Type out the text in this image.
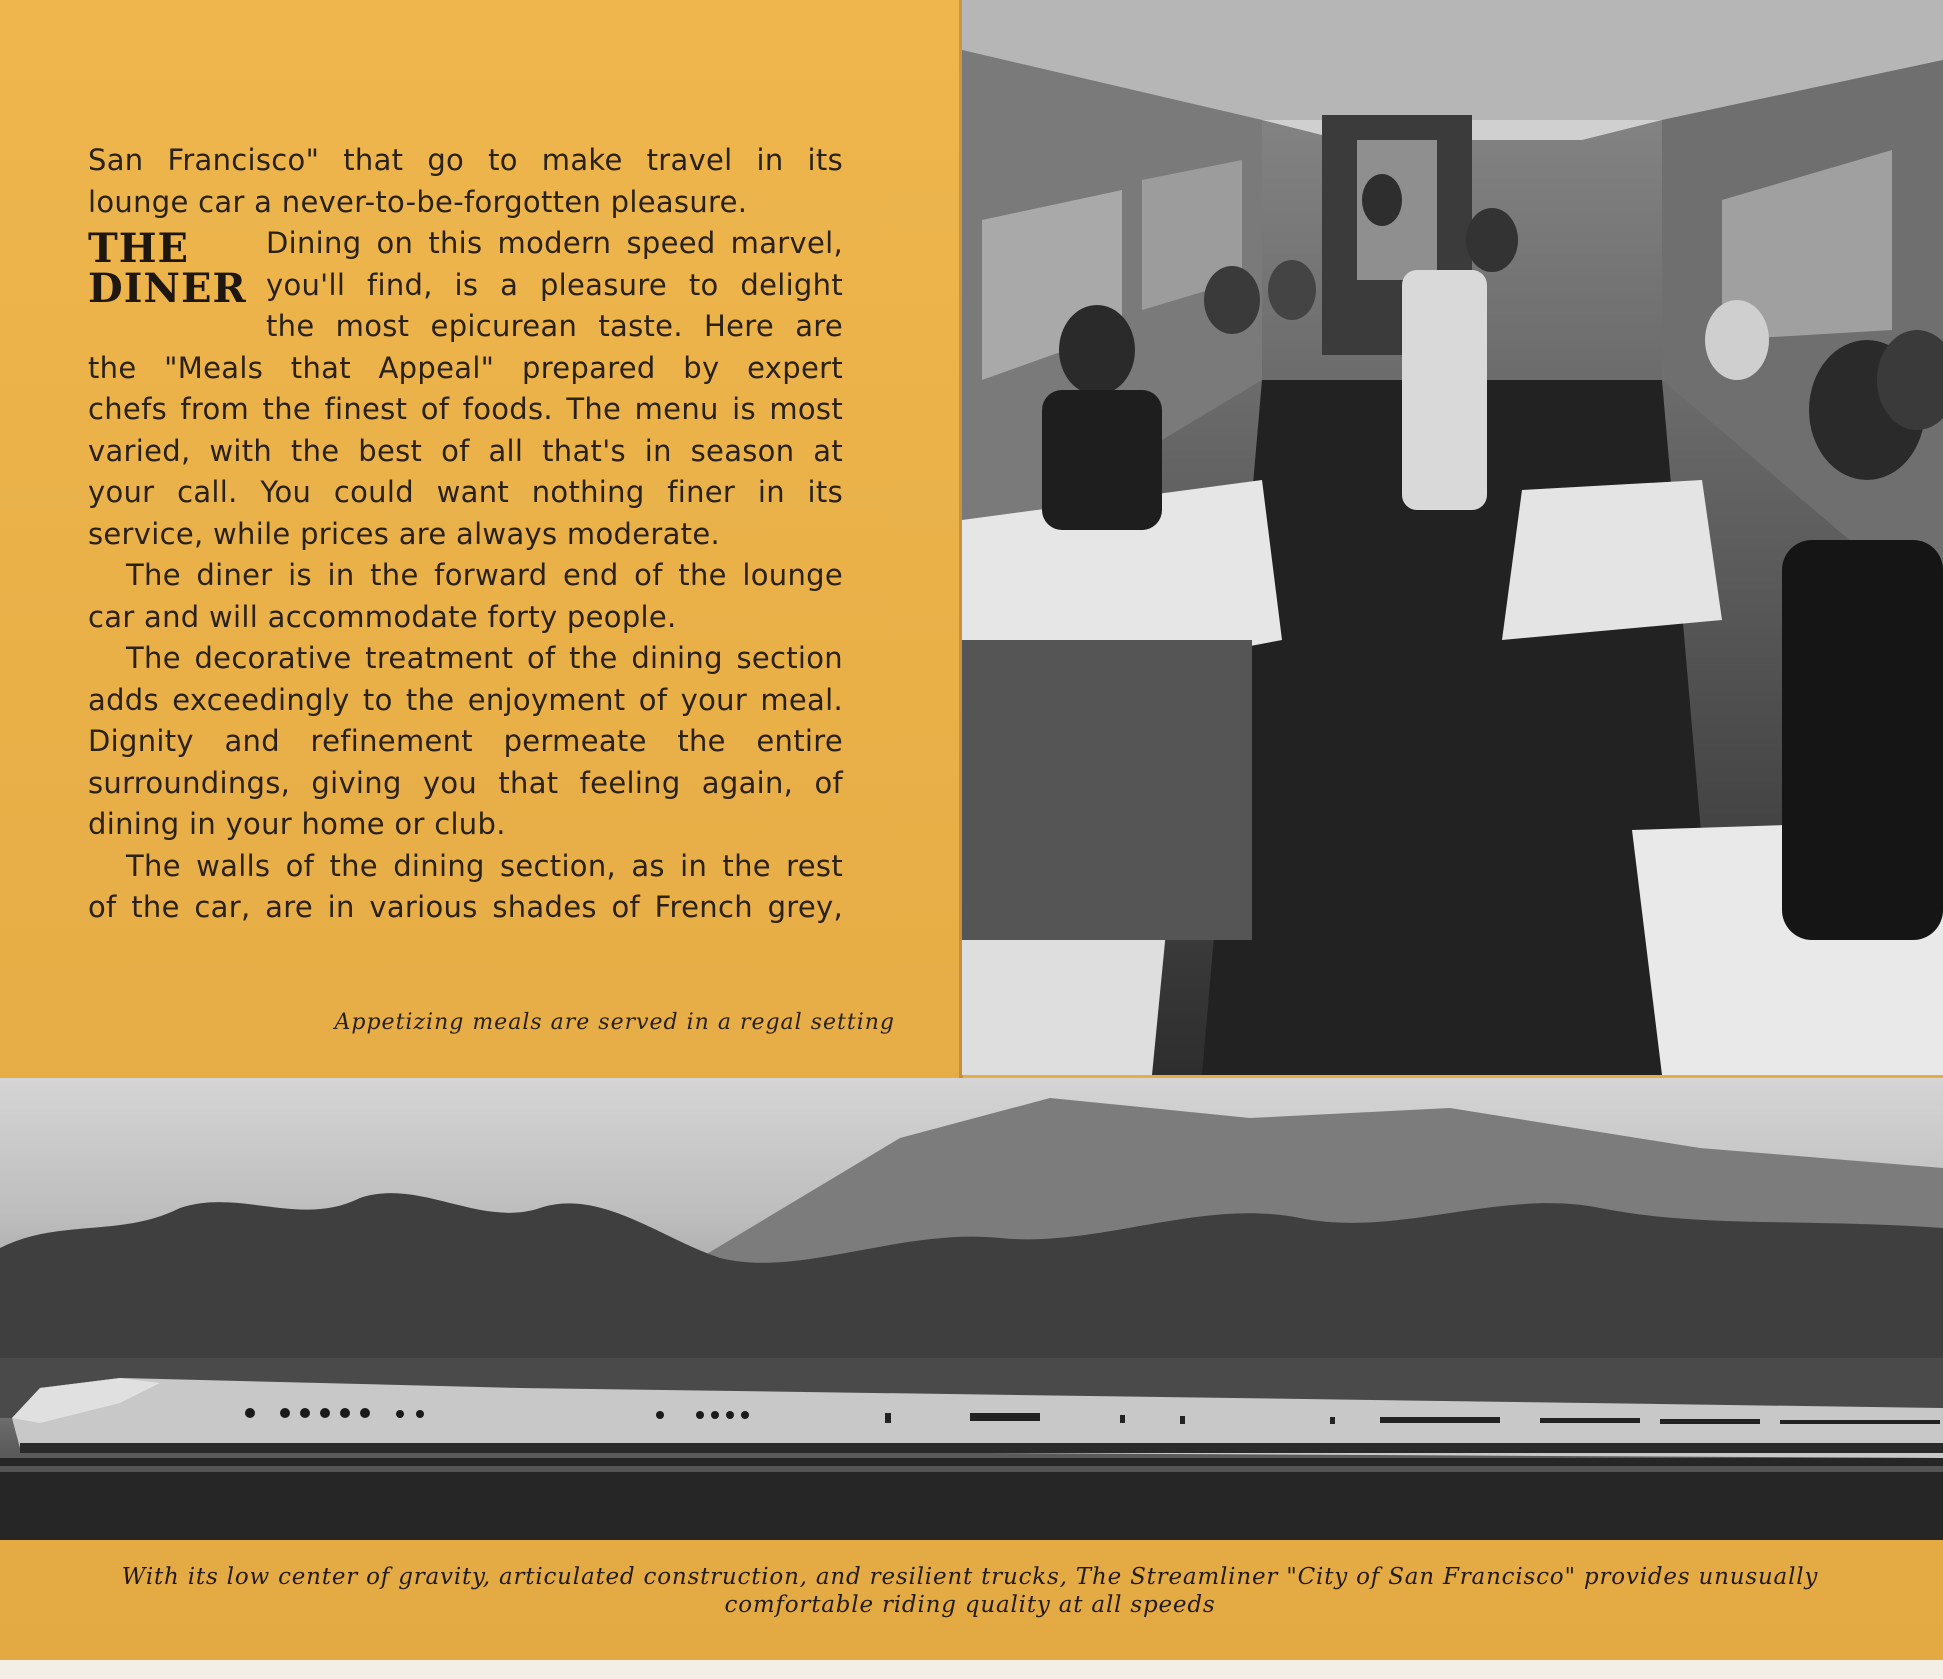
San Francisco" that go to make travel in its
lounge car a never-to-be-forgotten pleasure.

THE
DINER
Dining on this modern speed marvel,
you'll find, is a pleasure to delight
the most epicurean taste. Here are
the "Meals that Appeal" prepared by expert
chefs from the finest of foods. The menu is most
varied, with the best of all that's in season at
your call. You could want nothing finer in its
service, while prices are always moderate.

The diner is in the forward end of the lounge
car and will accommodate forty people.

The decorative treatment of the dining section
adds exceedingly to the enjoyment of your meal.
Dignity and refinement permeate the entire
surroundings, giving you that feeling again, of
dining in your home or club.

The walls of the dining section, as in the rest
of the car, are in various shades of French grey,

Appetizing meals are served in a regal setting
With its low center of gravity, articulated construction, and resilient trucks, The Streamliner "City of San Francisco" provides unusually
comfortable riding quality at all speeds
